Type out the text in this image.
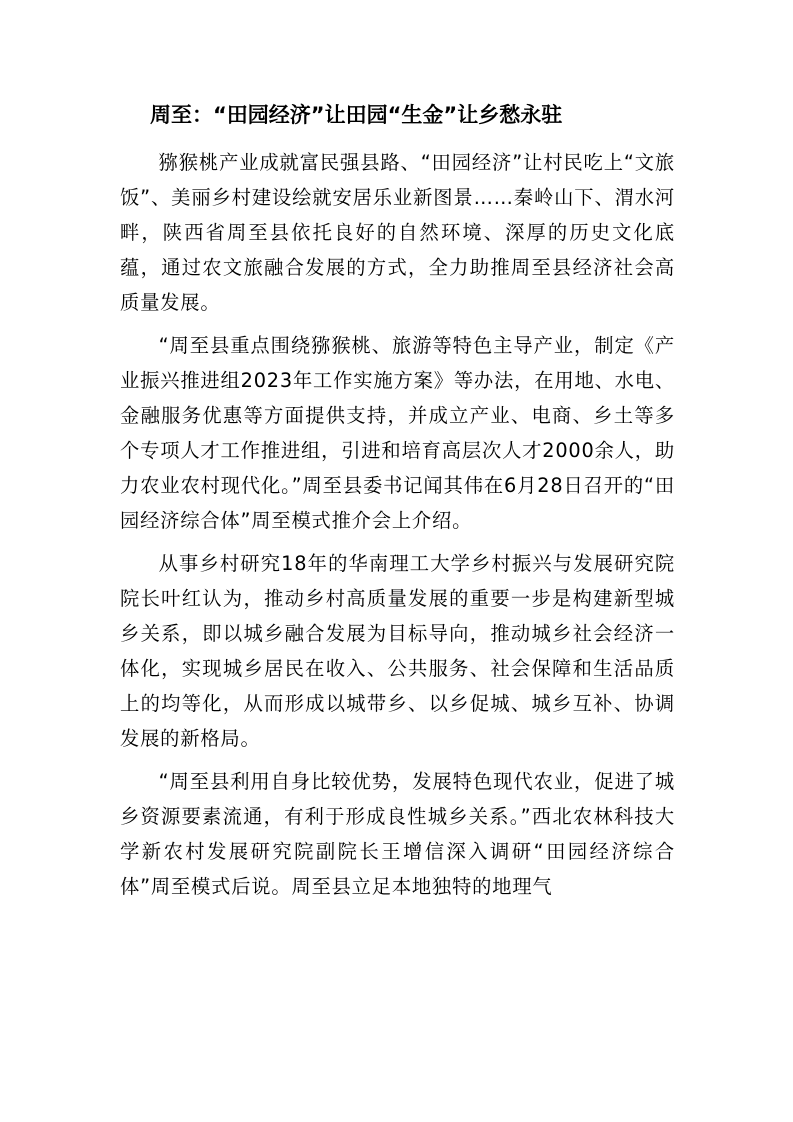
周至：“田园经济”让田园“生金”让乡愁永驻

猕猴桃产业成就富民强县路、“田园经济”让村民吃上“文旅饭”、美丽乡村建设绘就安居乐业新图景……秦岭山下、渭水河畔，陕西省周至县依托良好的自然环境、深厚的历史文化底蕴，通过农文旅融合发展的方式，全力助推周至县经济社会高质量发展。

“周至县重点围绕猕猴桃、旅游等特色主导产业，制定《产业振兴推进组2023年工作实施方案》等办法，在用地、水电、金融服务优惠等方面提供支持，并成立产业、电商、乡土等多个专项人才工作推进组，引进和培育高层次人才2000余人，助力农业农村现代化。”周至县委书记闻其伟在6月28日召开的“田园经济综合体”周至模式推介会上介绍。

从事乡村研究18年的华南理工大学乡村振兴与发展研究院院长叶红认为，推动乡村高质量发展的重要一步是构建新型城乡关系，即以城乡融合发展为目标导向，推动城乡社会经济一体化，实现城乡居民在收入、公共服务、社会保障和生活品质上的均等化，从而形成以城带乡、以乡促城、城乡互补、协调发展的新格局。

“周至县利用自身比较优势，发展特色现代农业，促进了城乡资源要素流通，有利于形成良性城乡关系。”西北农林科技大学新农村发展研究院副院长王增信深入调研“田园经济综合体”周至模式后说。周至县立足本地独特的地理气
